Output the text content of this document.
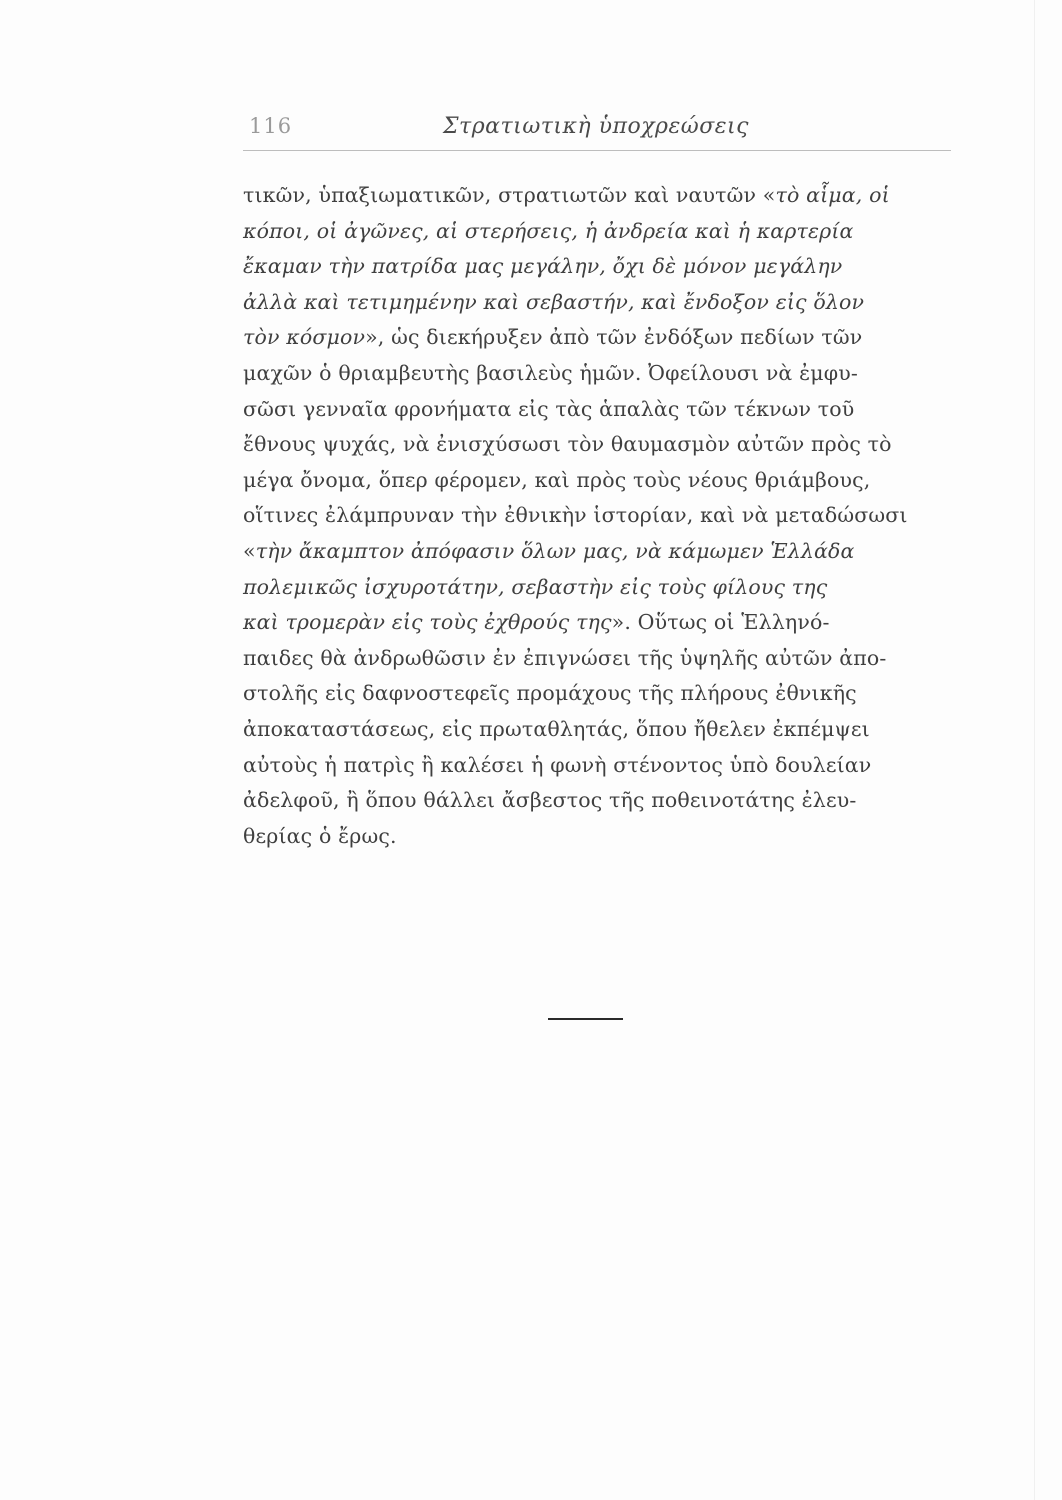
116	Στρατιωτικὴ ὑποχρεώσεις
τικῶν, ὑπαξιωματικῶν, στρατιωτῶν καὶ ναυτῶν «τὸ αἷμα, οἱ
κόποι, οἱ ἀγῶνες, αἱ στερήσεις, ἡ ἀνδρεία καὶ ἡ καρτερία
ἔκαμαν τὴν πατρίδα μας μεγάλην, ὄχι δὲ μόνον μεγάλην
ἀλλὰ καὶ τετιμημένην καὶ σεβαστήν, καὶ ἔνδοξον εἰς ὅλον
τὸν κόσμον», ὡς διεκήρυξεν ἀπὸ τῶν ἐνδόξων πεδίων τῶν
μαχῶν ὁ θριαμβευτὴς βασιλεὺς ἡμῶν. Ὀφείλουσι νὰ ἐμφυ-
σῶσι γενναῖα φρονήματα εἰς τὰς ἁπαλὰς τῶν τέκνων τοῦ
ἔθνους ψυχάς, νὰ ἐνισχύσωσι τὸν θαυμασμὸν αὐτῶν πρὸς τὸ
μέγα ὄνομα, ὅπερ φέρομεν, καὶ πρὸς τοὺς νέους θριάμβους,
οἵτινες ἐλάμπρυναν τὴν ἐθνικὴν ἱστορίαν, καὶ νὰ μεταδώσωσι
«τὴν ἄκαμπτον ἀπόφασιν ὅλων μας, νὰ κάμωμεν Ἑλλάδα
πολεμικῶς ἰσχυροτάτην, σεβαστὴν εἰς τοὺς φίλους της
καὶ τρομερὰν εἰς τοὺς ἐχθρούς της». Οὕτως οἱ Ἑλληνό-
παιδες θὰ ἀνδρωθῶσιν ἐν ἐπιγνώσει τῆς ὑψηλῆς αὐτῶν ἀπο-
στολῆς εἰς δαφνοστεφεῖς προμάχους τῆς πλήρους ἐθνικῆς
ἀποκαταστάσεως, εἰς πρωταθλητάς, ὅπου ἤθελεν ἐκπέμψει
αὐτοὺς ἡ πατρὶς ἢ καλέσει ἡ φωνὴ στένοντος ὑπὸ δουλείαν
ἀδελφοῦ, ἢ ὅπου θάλλει ἄσβεστος τῆς ποθεινοτάτης ἐλευ-
θερίας ὁ ἔρως.
